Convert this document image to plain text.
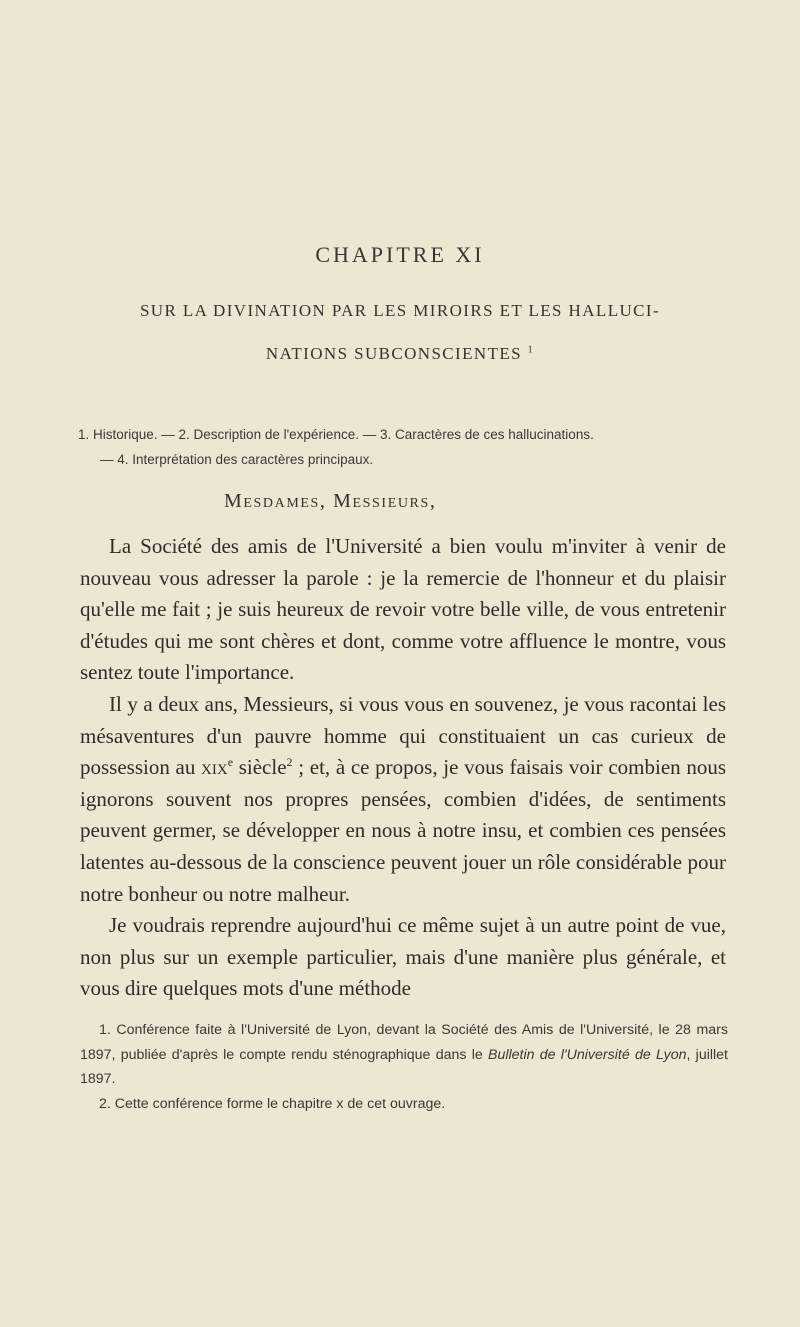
CHAPITRE XI
SUR LA DIVINATION PAR LES MIROIRS ET LES HALLUCI-
NATIONS SUBCONSCIENTES $^1$
1. Historique. — 2. Description de l'expérience. — 3. Caractères de ces hallucinations.
— 4. Interprétation des caractères principaux.
Mesdames, Messieurs,

La Société des amis de l'Université a bien voulu m'inviter à venir de nouveau vous adresser la parole : je la remercie de l'honneur et du plaisir qu'elle me fait ; je suis heureux de revoir votre belle ville, de vous entretenir d'études qui me sont chères et dont, comme votre affluence le montre, vous sentez toute l'importance.

Il y a deux ans, Messieurs, si vous vous en souvenez, je vous racontai les mésaventures d'un pauvre homme qui constituaient un cas curieux de possession au xix$^e$ siècle$^2$ ; et, à ce propos, je vous faisais voir combien nous ignorons souvent nos propres pensées, combien d'idées, de sentiments peuvent germer, se développer en nous à notre insu, et combien ces pensées latentes au-dessous de la conscience peuvent jouer un rôle considérable pour notre bonheur ou notre malheur.

Je voudrais reprendre aujourd'hui ce même sujet à un autre point de vue, non plus sur un exemple particulier, mais d'une manière plus générale, et vous dire quelques mots d'une méthode

1. Conférence faite à l'Université de Lyon, devant la Société des Amis de l'Université, le 28 mars 1897, publiée d'après le compte rendu sténographique dans le Bulletin de l'Université de Lyon, juillet 1897.

2. Cette conférence forme le chapitre x de cet ouvrage.
